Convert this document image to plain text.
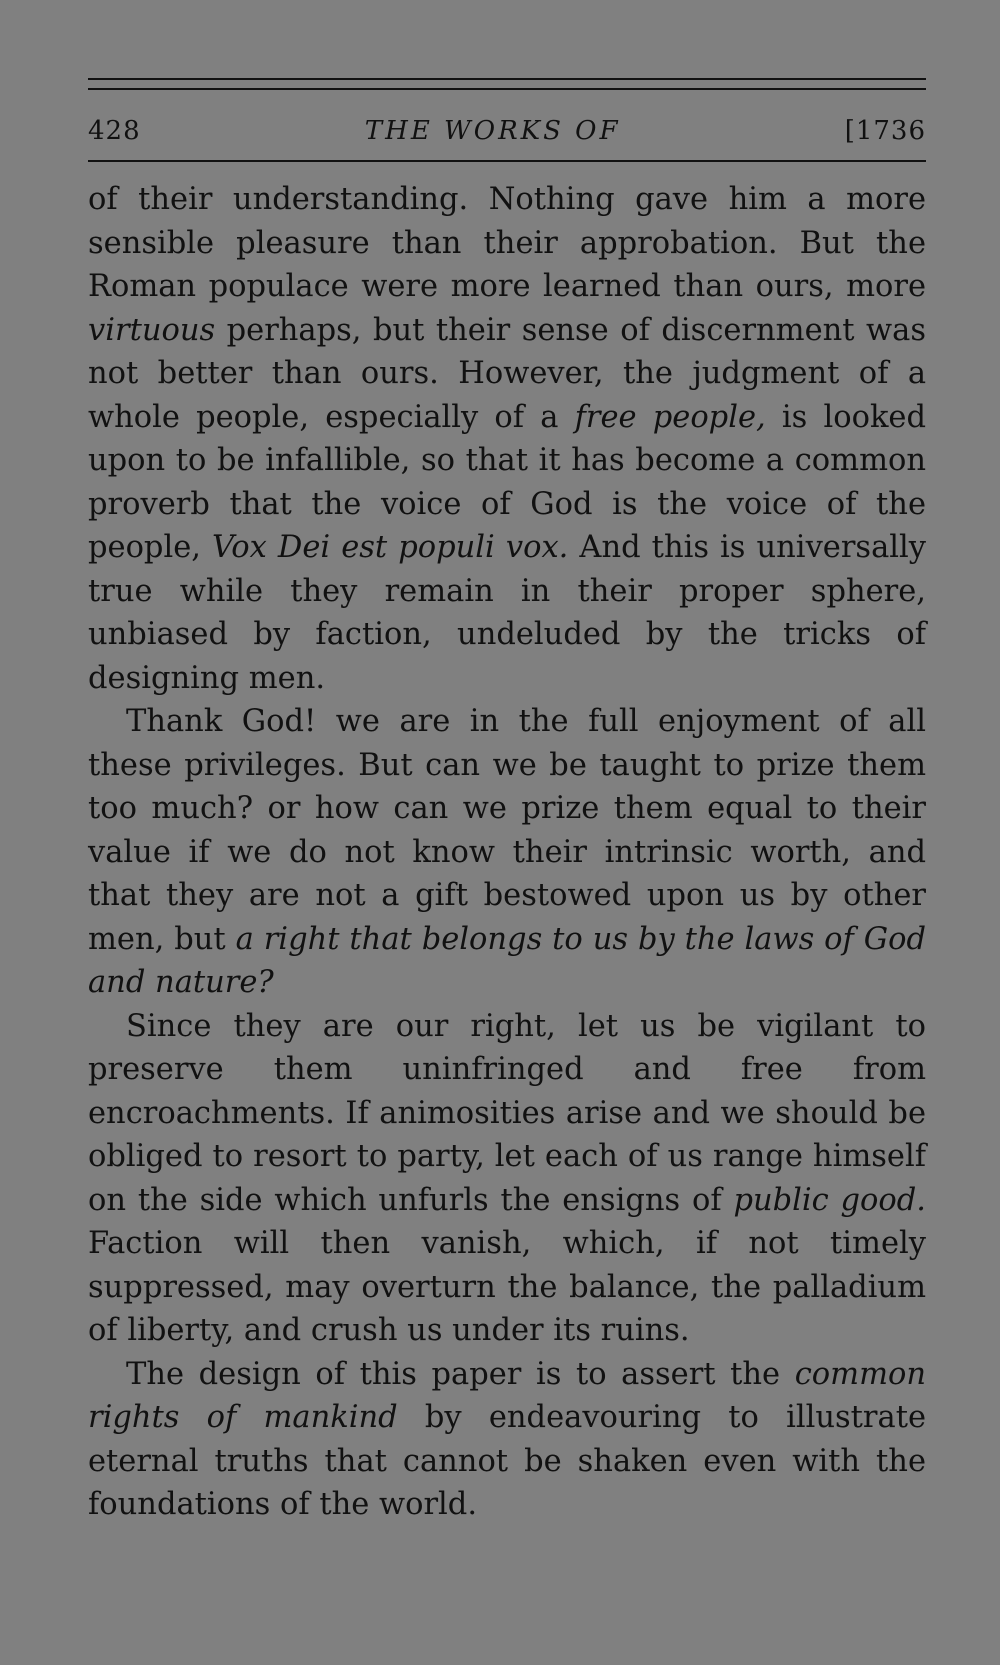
428	THE WORKS OF	[1736

of their understanding. Nothing gave him a more sensible pleasure than their approbation. But the Roman populace were more learned than ours, more virtuous perhaps, but their sense of discernment was not better than ours. However, the judgment of a whole people, especially of a free people, is looked upon to be infallible, so that it has become a common proverb that the voice of God is the voice of the people, Vox Dei est populi vox. And this is universally true while they remain in their proper sphere, unbiased by faction, undeluded by the tricks of designing men.

Thank God! we are in the full enjoyment of all these privileges. But can we be taught to prize them too much? or how can we prize them equal to their value if we do not know their intrinsic worth, and that they are not a gift bestowed upon us by other men, but a right that belongs to us by the laws of God and nature?

Since they are our right, let us be vigilant to preserve them uninfringed and free from encroachments. If animosities arise and we should be obliged to resort to party, let each of us range himself on the side which unfurls the ensigns of public good. Faction will then vanish, which, if not timely suppressed, may overturn the balance, the palladium of liberty, and crush us under its ruins.

The design of this paper is to assert the common rights of mankind by endeavouring to illustrate eternal truths that cannot be shaken even with the foundations of the world.
